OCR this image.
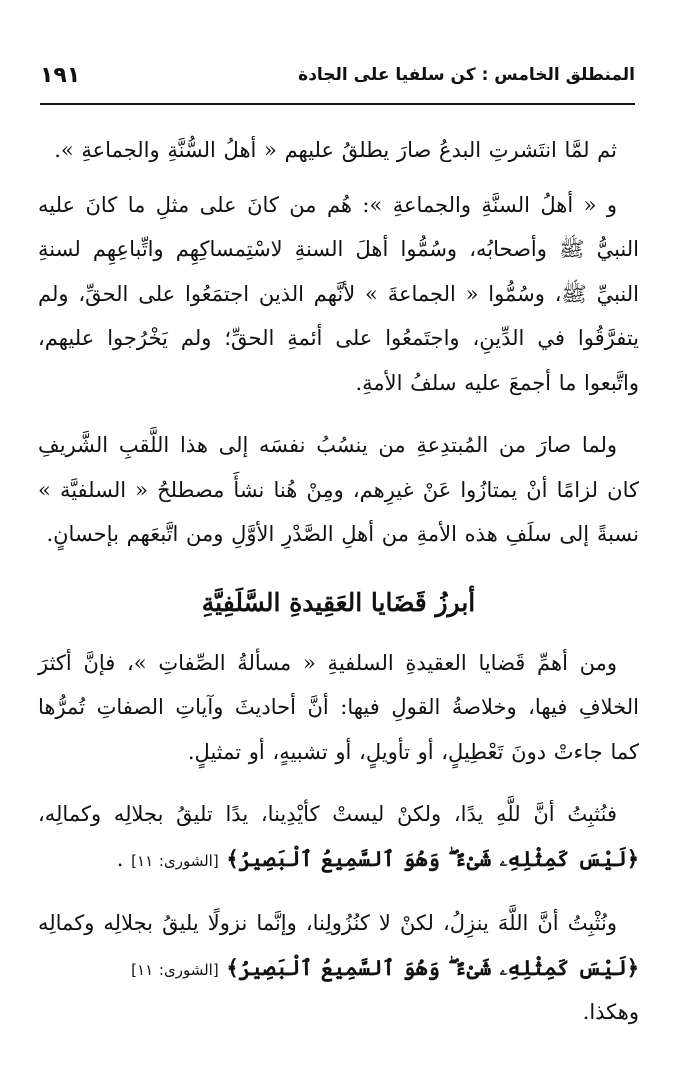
المنطلق الخامس : كن سلفيا على الجادة
١٩١

ثم لمَّا انتَشرتِ البدعُ صارَ يطلقُ عليهم « أهلُ السُّنَّةِ والجماعةِ ».

و « أهلُ السنَّةِ والجماعةِ »: هُم من كانَ على مثلِ ما كانَ عليه النبيُّ ﷺ وأصحابُه، وسُمُّوا أهلَ السنةِ لاسْتِمساكِهِم واتِّباعِهِم لسنةِ النبيِّ ﷺ، وسُمُّوا « الجماعةَ » لأنَّهم الذين اجتمَعُوا على الحقِّ، ولم يتفرَّقُوا في الدِّينِ، واجتَمعُوا على أئمةِ الحقِّ؛ ولم يَخْرُجوا عليهم، واتَّبعوا ما أجمعَ عليه سلفُ الأمةِ.

ولما صارَ من المُبتدِعةِ من ينسُبُ نفسَه إلى هذا اللَّقبِ الشَّريفِ كان لزامًا أنْ يمتازُوا عَنْ غيرِهم، ومِنْ هُنا نشأَ مصطلحُ « السلفيَّة » نسبةً إلى سلَفِ هذه الأمةِ من أهلِ الصَّدْرِ الأوَّلِ ومن اتَّبعَهم بإحسانٍ.

أبرزُ قَضَايا العَقِيدةِ السَّلَفِيَّةِ

ومن أهمِّ قَضايا العقيدةِ السلفيةِ « مسألةُ الصِّفاتِ »، فإنَّ أكثرَ الخلافِ فيها، وخلاصةُ القولِ فيها: أنَّ أحاديثَ وآياتِ الصفاتِ تُمرُّها كما جاءتْ دونَ تَعْطِيلٍ، أو تأويلٍ، أو تشبيهٍ، أو تمثيلٍ.

فنُثبِتُ أنَّ للَّهِ يدًا، ولكنْ ليستْ كأيْدِينا، يدًا تليقُ بجلالِه وكمالِه، ﴿لَيْسَ كَمِثْلِهِۦ شَىْءٌ ۖ وَهُوَ ٱلسَّمِيعُ ٱلْبَصِيرُ﴾ [الشورى: ١١] .

ونُثْبِتُ أنَّ اللَّهَ ينزِلُ، لكنْ لا كنُزُولِنا، وإنَّما نزولًا يليقُ بجلالِه وكمالِه ﴿لَيْسَ كَمِثْلِهِۦ شَىْءٌ ۖ وَهُوَ ٱلسَّمِيعُ ٱلْبَصِيرُ﴾ [الشورى: ١١]

وهكذا.
